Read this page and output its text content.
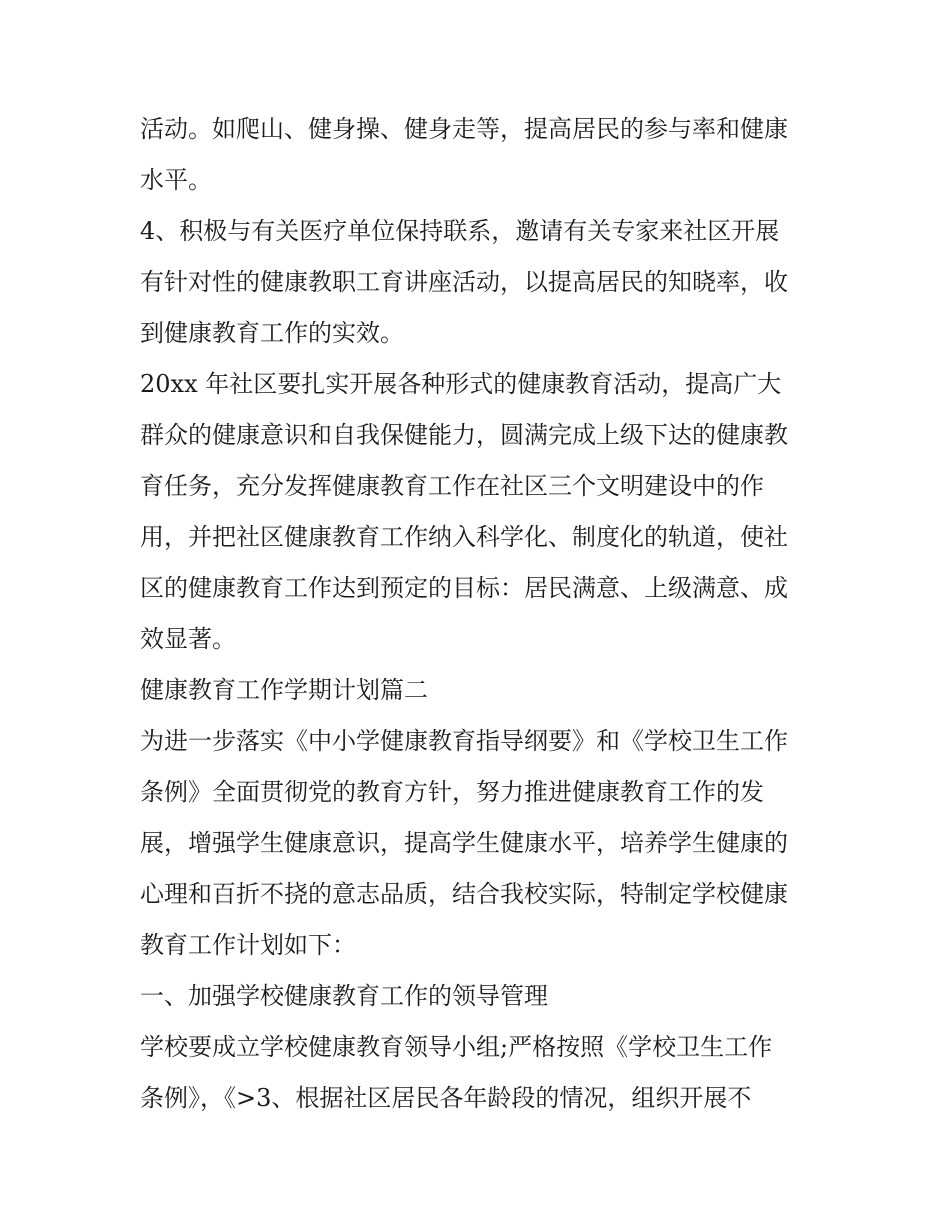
活动。如爬山、健身操、健身走等，提高居民的参与率和健康
水平。
4、积极与有关医疗单位保持联系，邀请有关专家来社区开展
有针对性的健康教职工育讲座活动，以提高居民的知晓率，收
到健康教育工作的实效。
20xx 年社区要扎实开展各种形式的健康教育活动，提高广大
群众的健康意识和自我保健能力，圆满完成上级下达的健康教
育任务，充分发挥健康教育工作在社区三个文明建设中的作
用，并把社区健康教育工作纳入科学化、制度化的轨道，使社
区的健康教育工作达到预定的目标：居民满意、上级满意、成
效显著。
健康教育工作学期计划篇二
为进一步落实《中小学健康教育指导纲要》和《学校卫生工作
条例》全面贯彻党的教育方针，努力推进健康教育工作的发
展，增强学生健康意识，提高学生健康水平，培养学生健康的
心理和百折不挠的意志品质，结合我校实际，特制定学校健康
教育工作计划如下：
一、加强学校健康教育工作的领导管理
学校要成立学校健康教育领导小组;严格按照《学校卫生工作
条例》，《>3、根据社区居民各年龄段的情况，组织开展不
